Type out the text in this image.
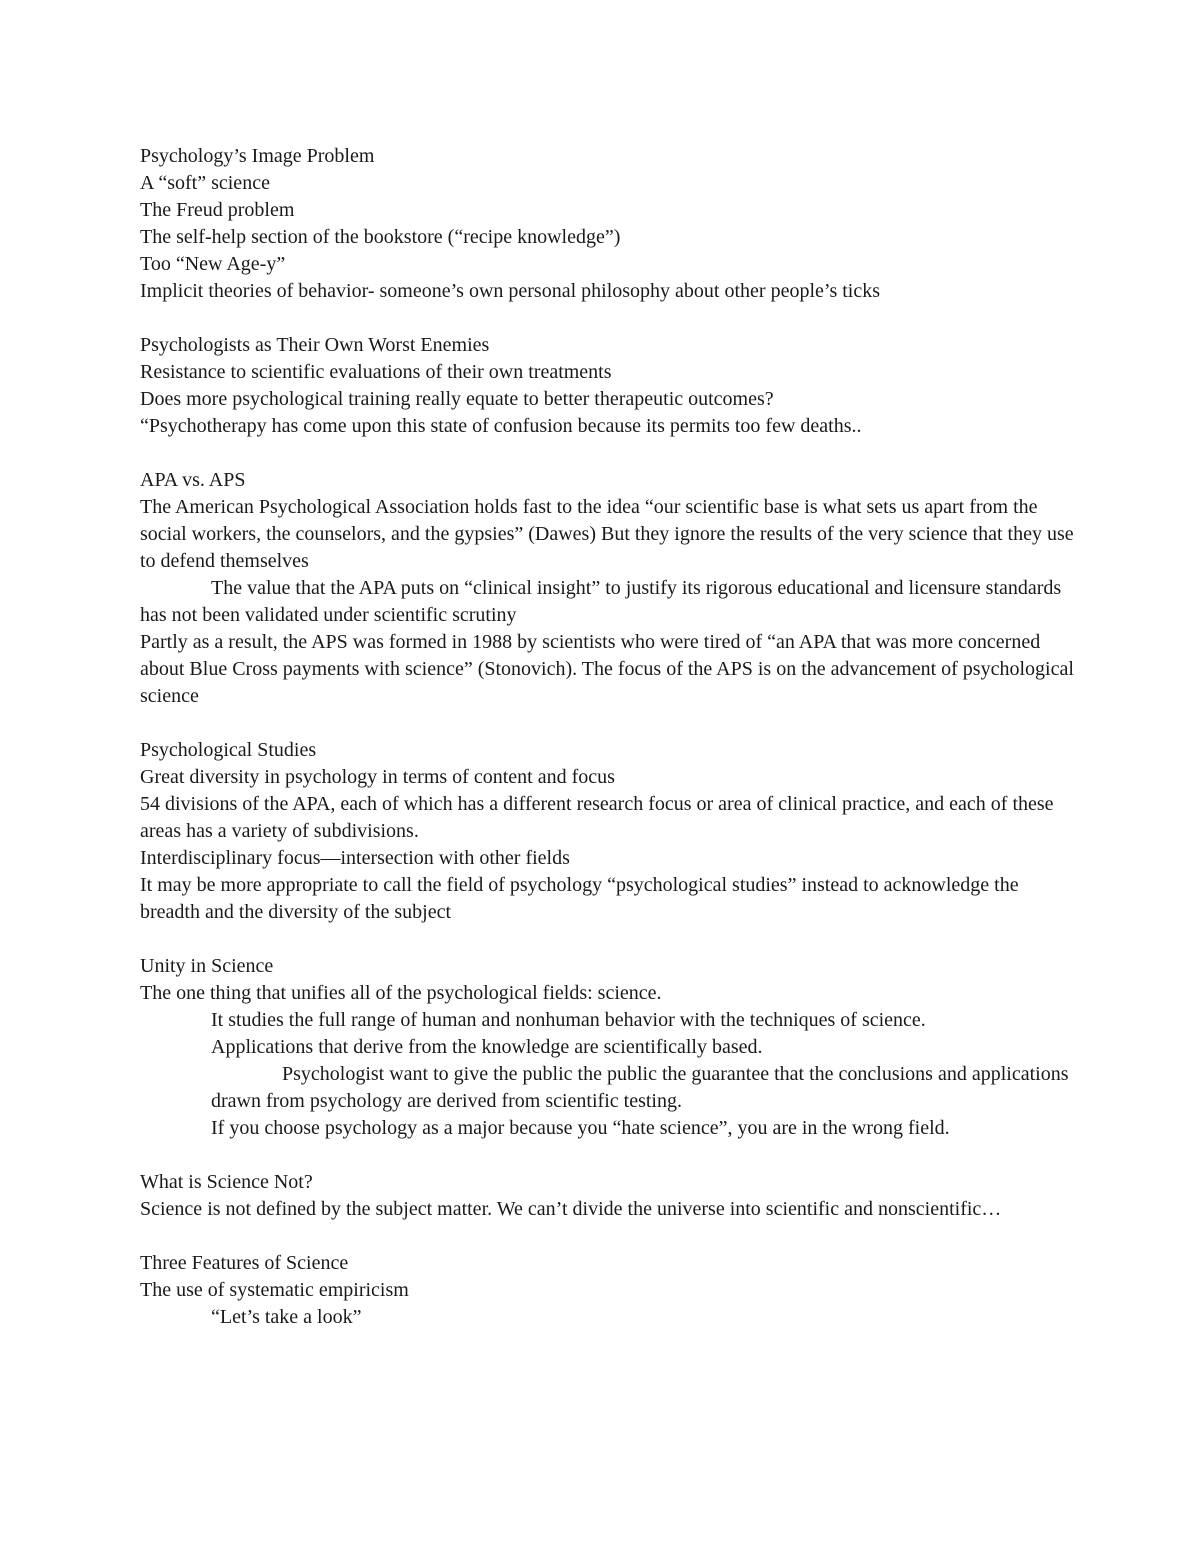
Psychology’s Image Problem

A “soft” science

The Freud problem

The self-help section of the bookstore (“recipe knowledge”)

Too “New Age-y”

Implicit theories of behavior- someone’s own personal philosophy about other people’s ticks

Psychologists as Their Own Worst Enemies

Resistance to scientific evaluations of their own treatments

Does more psychological training really equate to better therapeutic outcomes?

“Psychotherapy has come upon this state of confusion because its permits too few deaths..

APA vs. APS

The American Psychological Association holds fast to the idea “our scientific base is what sets us apart from the social workers, the counselors, and the gypsies” (Dawes) But they ignore the results of the very science that they use to defend themselves

The value that the APA puts on “clinical insight” to justify its rigorous educational and licensure standards has not been validated under scientific scrutiny

Partly as a result, the APS was formed in 1988 by scientists who were tired of “an APA that was more concerned about Blue Cross payments with science” (Stonovich). The focus of the APS is on the advancement of psychological science

Psychological Studies

Great diversity in psychology in terms of content and focus

54 divisions of the APA, each of which has a different research focus or area of clinical practice, and each of these areas has a variety of subdivisions.

Interdisciplinary focus—intersection with other fields

It may be more appropriate to call the field of psychology “psychological studies” instead to acknowledge the breadth and the diversity of the subject

Unity in Science

The one thing that unifies all of the psychological fields: science.

It studies the full range of human and nonhuman behavior with the techniques of science.

Applications that derive from the knowledge are scientifically based.

Psychologist want to give the public the public the guarantee that the conclusions and applications drawn from psychology are derived from scientific testing.

If you choose psychology as a major because you “hate science”, you are in the wrong field.

What is Science Not?

Science is not defined by the subject matter. We can’t divide the universe into scientific and nonscientific…

Three Features of Science

The use of systematic empiricism

“Let’s take a look”
